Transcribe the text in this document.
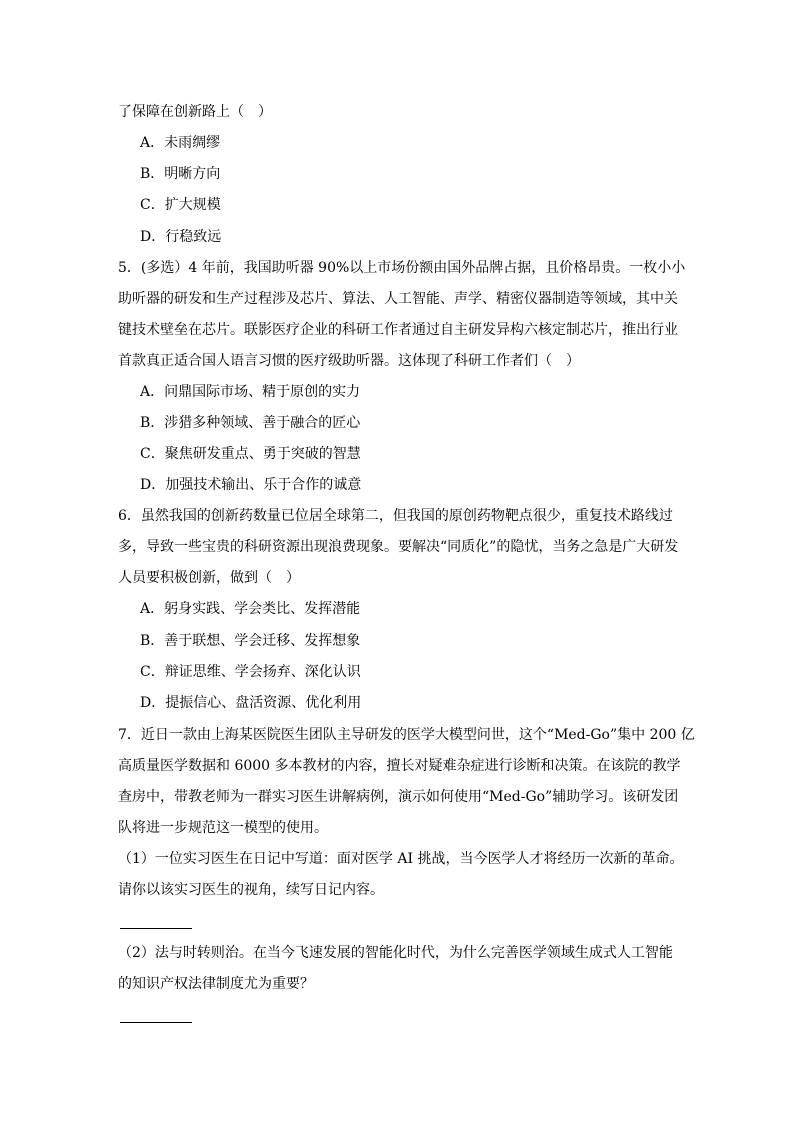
了保障在创新路上（　）
A．未雨绸缪
B．明晰方向
C．扩大规模
D．行稳致远
5．(多选）4 年前，我国助听器 90%以上市场份额由国外品牌占据，且价格昂贵。一枚小小
助听器的研发和生产过程涉及芯片、算法、人工智能、声学、精密仪器制造等领域，其中关
键技术壁垒在芯片。联影医疗企业的科研工作者通过自主研发异构六核定制芯片，推出行业
首款真正适合国人语言习惯的医疗级助听器。这体现了科研工作者们（　）
A．问鼎国际市场、精于原创的实力
B．涉猎多种领域、善于融合的匠心
C．聚焦研发重点、勇于突破的智慧
D．加强技术输出、乐于合作的诚意
6．虽然我国的创新药数量已位居全球第二，但我国的原创药物靶点很少，重复技术路线过
多，导致一些宝贵的科研资源出现浪费现象。要解决“同质化”的隐忧，当务之急是广大研发
人员要积极创新，做到（　）
A．躬身实践、学会类比、发挥潜能
B．善于联想、学会迁移、发挥想象
C．辩证思维、学会扬弃、深化认识
D．提振信心、盘活资源、优化利用
7．近日一款由上海某医院医生团队主导研发的医学大模型问世，这个“Med-Go”集中 200 亿
高质量医学数据和 6000 多本教材的内容，擅长对疑难杂症进行诊断和决策。在该院的教学
查房中，带教老师为一群实习医生讲解病例，演示如何使用“Med-Go”辅助学习。该研发团
队将进一步规范这一模型的使用。
（1）一位实习医生在日记中写道：面对医学 AI 挑战，当今医学人才将经历一次新的革命。
请你以该实习医生的视角，续写日记内容。
（2）法与时转则治。在当今飞速发展的智能化时代，为什么完善医学领域生成式人工智能
的知识产权法律制度尤为重要？
